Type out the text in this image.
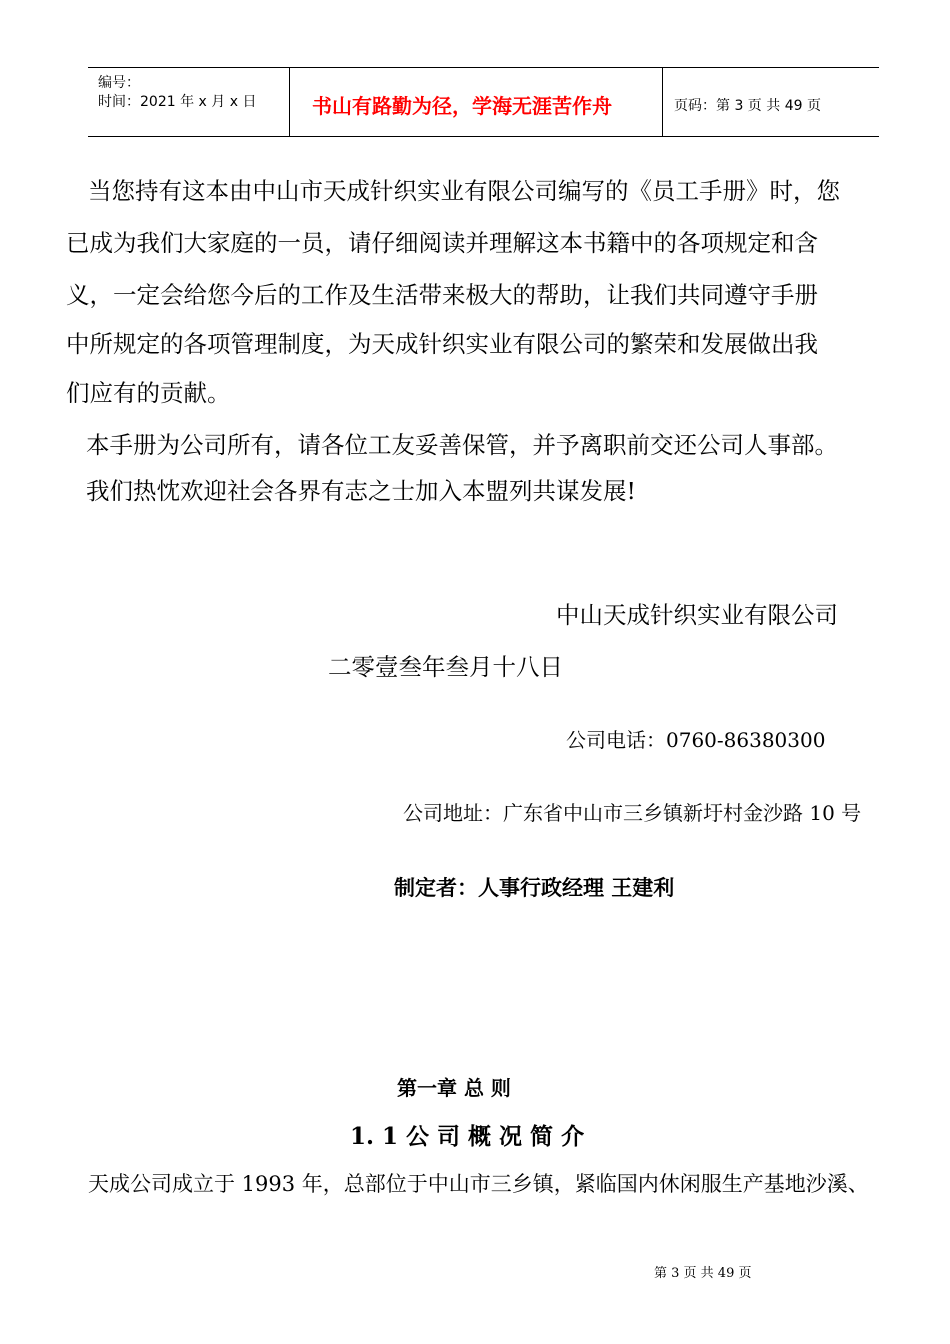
编号：
时间：2021 年 x 月 x 日	书山有路勤为径，学海无涯苦作舟	页码：第 3 页 共 49 页
当您持有这本由中山市天成针织实业有限公司编写的《员工手册》时，您
已成为我们大家庭的一员，请仔细阅读并理解这本书籍中的各项规定和含
义，一定会给您今后的工作及生活带来极大的帮助，让我们共同遵守手册
中所规定的各项管理制度，为天成针织实业有限公司的繁荣和发展做出我
们应有的贡献。
本手册为公司所有，请各位工友妥善保管，并予离职前交还公司人事部。
我们热忱欢迎社会各界有志之士加入本盟列共谋发展!
中山天成针织实业有限公司
二零壹叁年叁月十八日
公司电话：0760-86380300
公司地址：广东省中山市三乡镇新圩村金沙路 10 号
制定者：人事行政经理 王建利
第一章 总 则
1. 1 公 司 概 况 简 介
天成公司成立于 1993 年，总部位于中山市三乡镇，紧临国内休闲服生产基地沙溪、
第 3 页 共 49 页
